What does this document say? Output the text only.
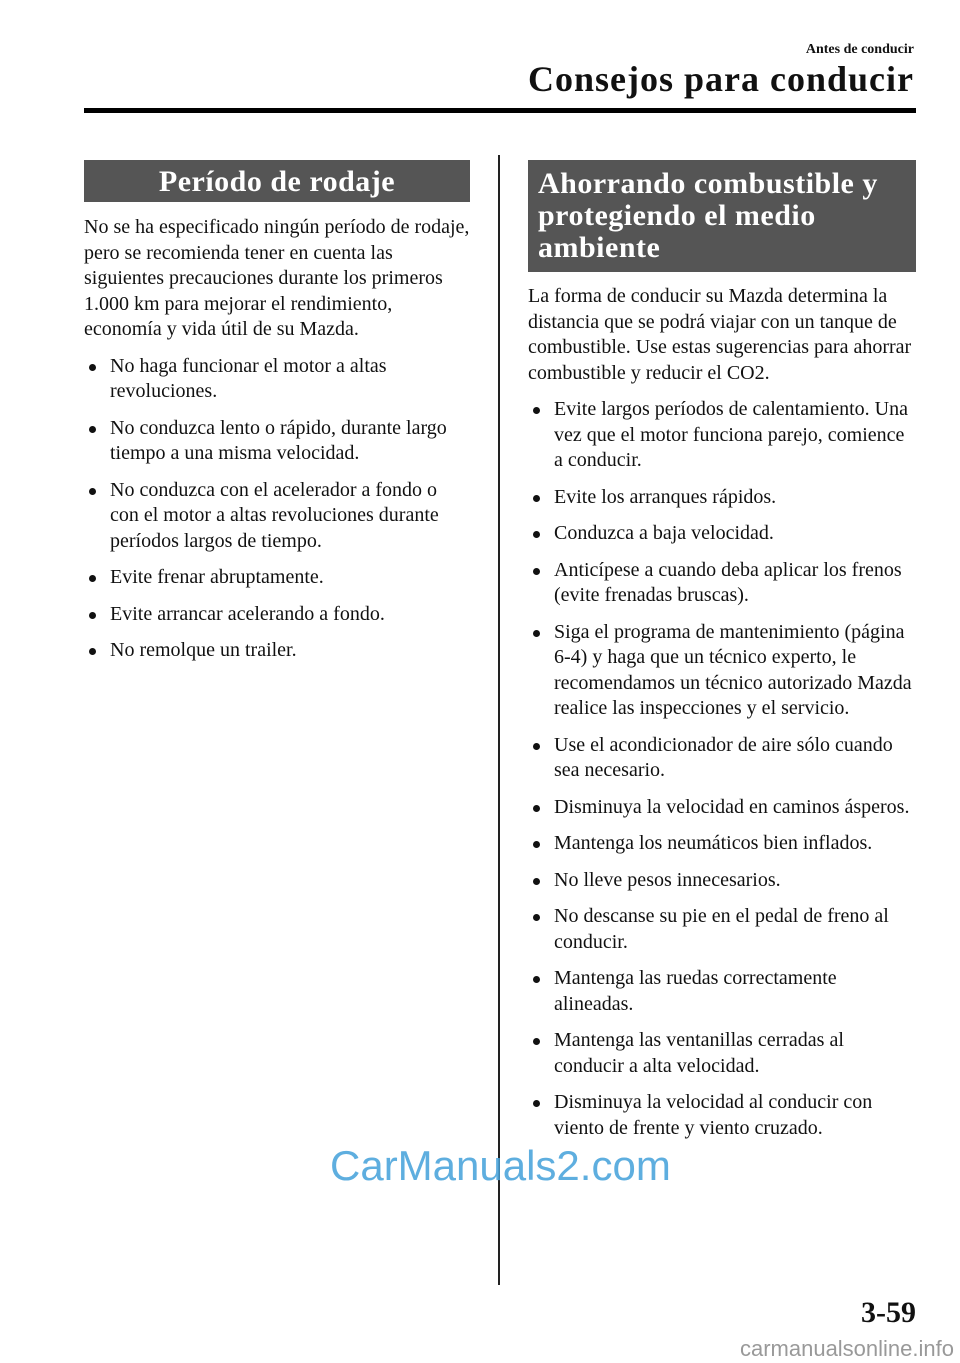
Antes de conducir
Consejos para conducir
Período de rodaje

No se ha especificado ningún período de rodaje, pero se recomienda tener en cuenta las siguientes precauciones durante los primeros 1.000 km para mejorar el rendimiento, economía y vida útil de su Mazda.

No haga funcionar el motor a altas revoluciones.
No conduzca lento o rápido, durante largo tiempo a una misma velocidad.
No conduzca con el acelerador a fondo o con el motor a altas revoluciones durante períodos largos de tiempo.
Evite frenar abruptamente.
Evite arrancar acelerando a fondo.
No remolque un trailer.
Ahorrando combustible y protegiendo el medio ambiente

La forma de conducir su Mazda determina la distancia que se podrá viajar con un tanque de combustible. Use estas sugerencias para ahorrar combustible y reducir el CO2.

Evite largos períodos de calentamiento. Una vez que el motor funciona parejo, comience a conducir.
Evite los arranques rápidos.
Conduzca a baja velocidad.
Anticípese a cuando deba aplicar los frenos (evite frenadas bruscas).
Siga el programa de mantenimiento (página 6-4) y haga que un técnico experto, le recomendamos un técnico autorizado Mazda realice las inspecciones y el servicio.
Use el acondicionador de aire sólo cuando sea necesario.
Disminuya la velocidad en caminos ásperos.
Mantenga los neumáticos bien inflados.
No lleve pesos innecesarios.
No descanse su pie en el pedal de freno al conducir.
Mantenga las ruedas correctamente alineadas.
Mantenga las ventanillas cerradas al conducir a alta velocidad.
Disminuya la velocidad al conducir con viento de frente y viento cruzado.
CarManuals2.com
3-59
carmanualsonline.info
